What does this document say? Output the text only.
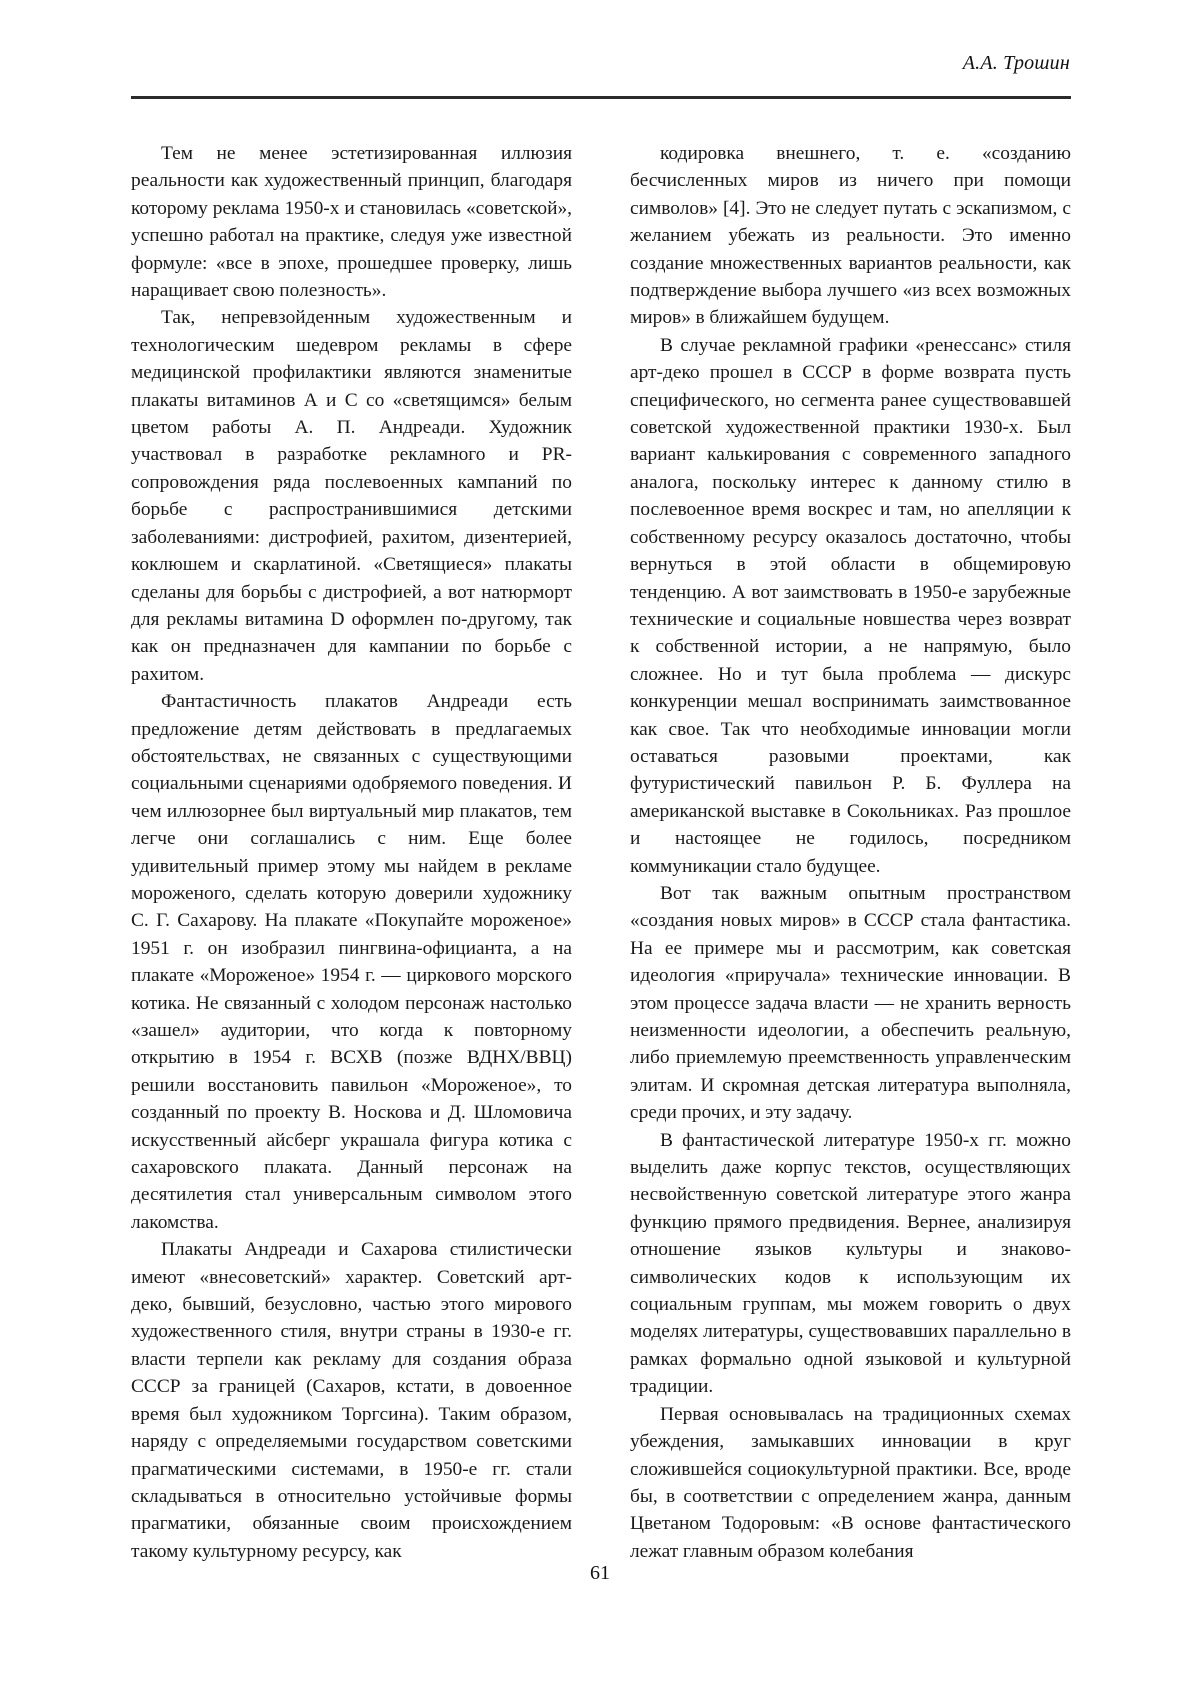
А.А. Трошин

Тем не менее эстетизированная иллюзия реальности как художественный принцип, благодаря которому реклама 1950-х и становилась «советской», успешно работал на практике, следуя уже известной формуле: «все в эпохе, прошедшее проверку, лишь наращивает свою полезность».

Так, непревзойденным художественным и технологическим шедевром рекламы в сфере медицинской профилактики являются знаменитые плакаты витаминов А и С со «светящимся» белым цветом работы А. П. Андреади. Художник участвовал в разработке рекламного и PR-сопровождения ряда послевоенных кампаний по борьбе с распространившимися детскими заболеваниями: дистрофией, рахитом, дизентерией, коклюшем и скарлатиной. «Светящиеся» плакаты сделаны для борьбы с дистрофией, а вот натюрморт для рекламы витамина D оформлен по-другому, так как он предназначен для кампании по борьбе с рахитом.

Фантастичность плакатов Андреади есть предложение детям действовать в предлагаемых обстоятельствах, не связанных с существующими социальными сценариями одобряемого поведения. И чем иллюзорнее был виртуальный мир плакатов, тем легче они соглашались с ним. Еще более удивительный пример этому мы найдем в рекламе мороженого, сделать которую доверили художнику С. Г. Сахарову. На плакате «Покупайте мороженое» 1951 г. он изобразил пингвина-официанта, а на плакате «Мороженое» 1954 г. — циркового морского котика. Не связанный с холодом персонаж настолько «зашел» аудитории, что когда к повторному открытию в 1954 г. ВСХВ (позже ВДНХ/ВВЦ) решили восстановить павильон «Мороженое», то созданный по проекту В. Носкова и Д. Шломовича искусственный айсберг украшала фигура котика с сахаровского плаката. Данный персонаж на десятилетия стал универсальным символом этого лакомства.

Плакаты Андреади и Сахарова стилистически имеют «внесоветский» характер. Советский арт-деко, бывший, безусловно, частью этого мирового художественного стиля, внутри страны в 1930-е гг. власти терпели как рекламу для создания образа СССР за границей (Сахаров, кстати, в довоенное время был художником Торгсина). Таким образом, наряду с определяемыми государством советскими прагматическими системами, в 1950-е гг. стали складываться в относительно устойчивые формы прагматики, обязанные своим происхождением такому культурному ресурсу, как

кодировка внешнего, т. е. «созданию бесчисленных миров из ничего при помощи символов» [4]. Это не следует путать с эскапизмом, с желанием убежать из реальности. Это именно создание множественных вариантов реальности, как подтверждение выбора лучшего «из всех возможных миров» в ближайшем будущем.

В случае рекламной графики «ренессанс» стиля арт-деко прошел в СССР в форме возврата пусть специфического, но сегмента ранее существовавшей советской художественной практики 1930-х. Был вариант калькирования с современного западного аналога, поскольку интерес к данному стилю в послевоенное время воскрес и там, но апелляции к собственному ресурсу оказалось достаточно, чтобы вернуться в этой области в общемировую тенденцию. А вот заимствовать в 1950-е зарубежные технические и социальные новшества через возврат к собственной истории, а не напрямую, было сложнее. Но и тут была проблема — дискурс конкуренции мешал воспринимать заимствованное как свое. Так что необходимые инновации могли оставаться разовыми проектами, как футуристический павильон Р. Б. Фуллера на американской выставке в Сокольниках. Раз прошлое и настоящее не годилось, посредником коммуникации стало будущее.

Вот так важным опытным пространством «создания новых миров» в СССР стала фантастика. На ее примере мы и рассмотрим, как советская идеология «приручала» технические инновации. В этом процессе задача власти — не хранить верность неизменности идеологии, а обеспечить реальную, либо приемлемую преемственность управленческим элитам. И скромная детская литература выполняла, среди прочих, и эту задачу.

В фантастической литературе 1950-х гг. можно выделить даже корпус текстов, осуществляющих несвойственную советской литературе этого жанра функцию прямого предвидения. Вернее, анализируя отношение языков культуры и знаково-символических кодов к использующим их социальным группам, мы можем говорить о двух моделях литературы, существовавших параллельно в рамках формально одной языковой и культурной традиции.

Первая основывалась на традиционных схемах убеждения, замыкавших инновации в круг сложившейся социокультурной практики. Все, вроде бы, в соответствии с определением жанра, данным Цветаном Тодоровым: «В основе фантастического лежат главным образом колебания

61
